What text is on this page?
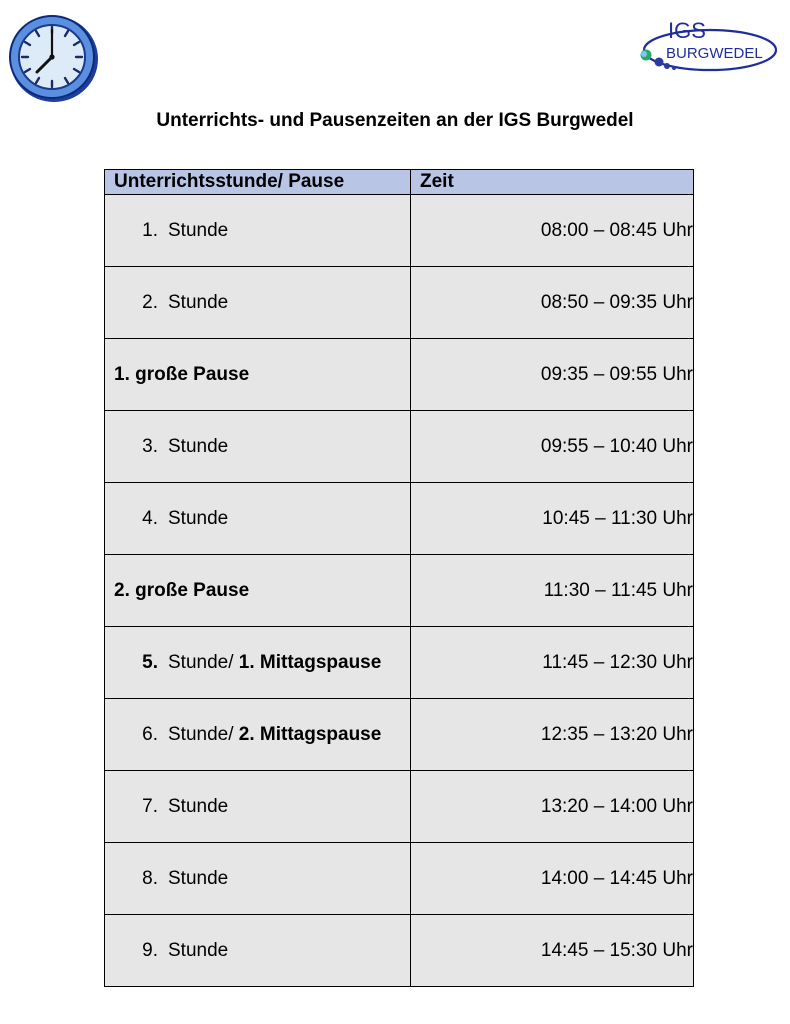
IGS
BURGWEDEL
Unterrichts- und Pausenzeiten an der IGS Burgwedel
Unterrichtsstunde/ Pause	Zeit
1. Stunde	08:00 – 08:45 Uhr
2. Stunde	08:50 – 09:35 Uhr
1. große Pause	09:35 – 09:55 Uhr
3. Stunde	09:55 – 10:40 Uhr
4. Stunde	10:45 – 11:30 Uhr
2. große Pause	11:30 – 11:45 Uhr
5. Stunde/ 1. Mittagspause	11:45 – 12:30 Uhr
6. Stunde/ 2. Mittagspause	12:35 – 13:20 Uhr
7. Stunde	13:20 – 14:00 Uhr
8. Stunde	14:00 – 14:45 Uhr
9. Stunde	14:45 – 15:30 Uhr
